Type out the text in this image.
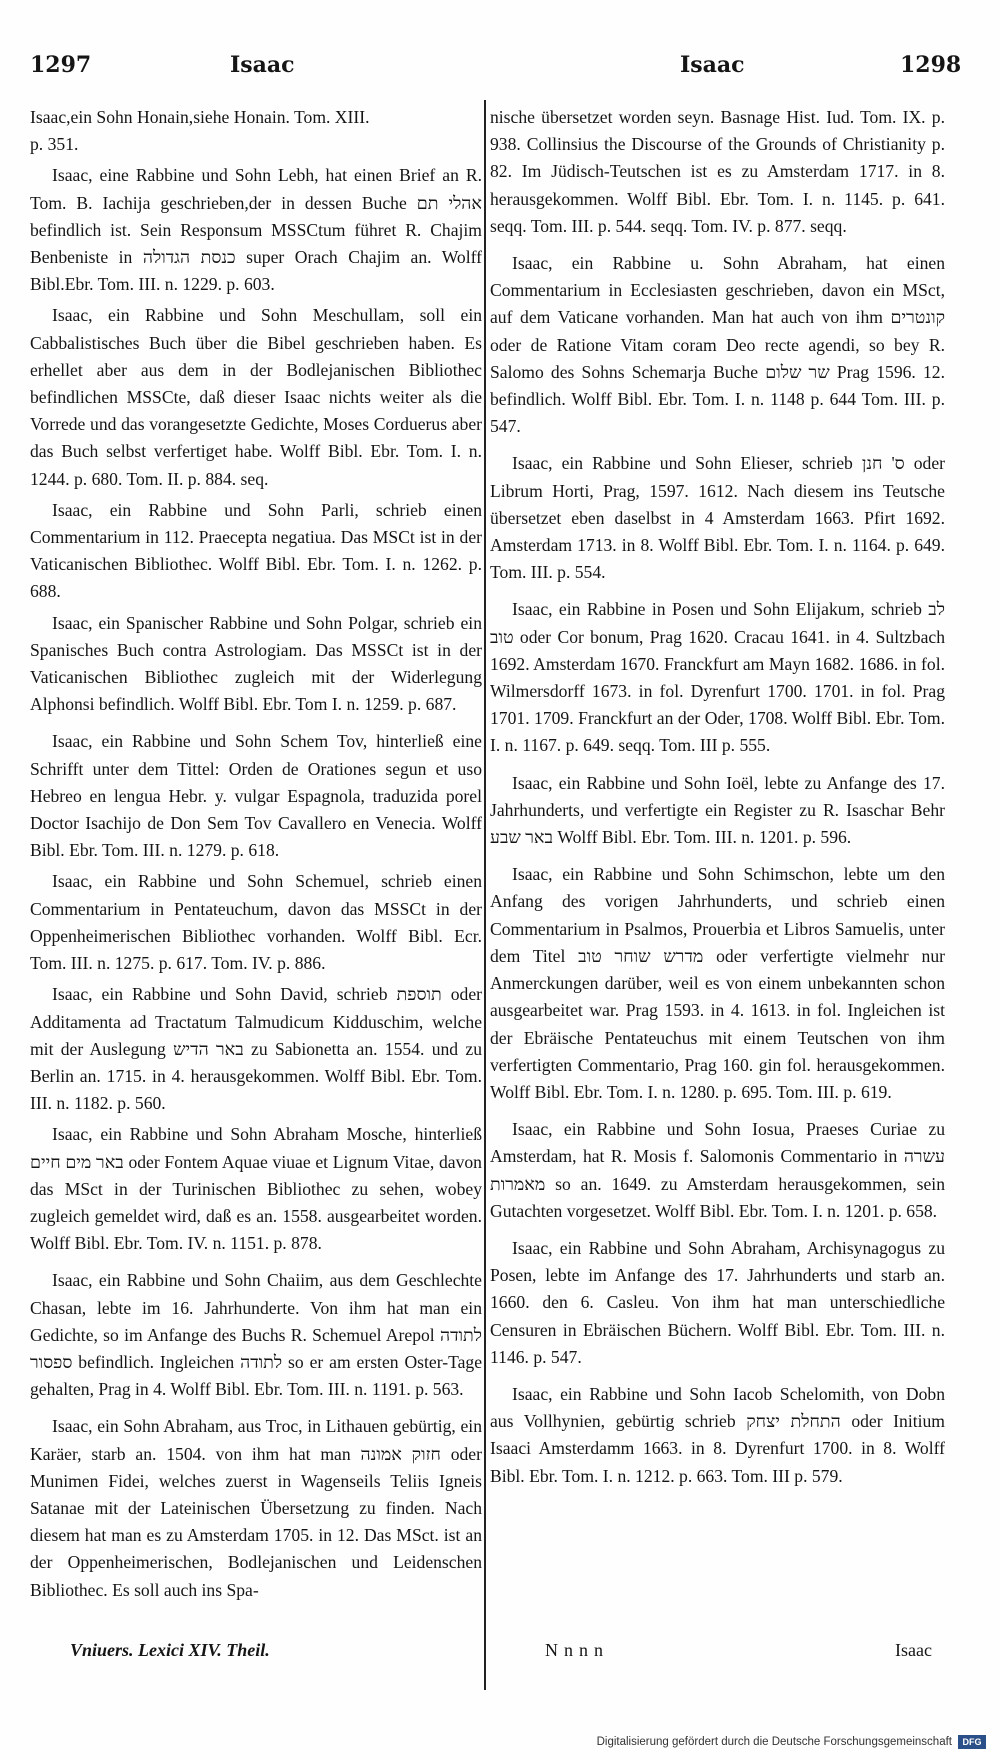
1297	Isaac	Isaac	1298

Isaac,ein Sohn Honain,siehe Honain. Tom. XIII.
p. 351.

Isaac, eine Rabbine und Sohn Lebh, hat einen Brief an R. Tom. B. Iachija geschrieben,der in dessen Buche אהלי תם befindlich ist. Sein Responsum MSSCtum führet R. Chajim Benbeniste in כנסת הגדולה super Orach Chajim an. Wolff Bibl.Ebr. Tom. III. n. 1229. p. 603.

Isaac, ein Rabbine und Sohn Meschullam, soll ein Cabbalistisches Buch über die Bibel geschrieben haben. Es erhellet aber aus dem in der Bodlejanischen Bibliothec befindlichen MSSCte, daß dieser Isaac nichts weiter als die Vorrede und das vorangesetzte Gedichte, Moses Corduerus aber das Buch selbst verfertiget habe. Wolff Bibl. Ebr. Tom. I. n. 1244. p. 680. Tom. II. p. 884. seq.

Isaac, ein Rabbine und Sohn Parli, schrieb einen Commentarium in 112. Praecepta negatiua. Das MSCt ist in der Vaticanischen Bibliothec. Wolff Bibl. Ebr. Tom. I. n. 1262. p. 688.

Isaac, ein Spanischer Rabbine und Sohn Polgar, schrieb ein Spanisches Buch contra Astrologiam. Das MSSCt ist in der Vaticanischen Bibliothec zugleich mit der Widerlegung Alphonsi befindlich. Wolff Bibl. Ebr. Tom I. n. 1259. p. 687.

Isaac, ein Rabbine und Sohn Schem Tov, hinterließ eine Schrifft unter dem Tittel: Orden de Orationes segun et uso Hebreo en lengua Hebr. y. vulgar Espagnola, traduzida porel Doctor Isachijo de Don Sem Tov Cavallero en Venecia. Wolff Bibl. Ebr. Tom. III. n. 1279. p. 618.

Isaac, ein Rabbine und Sohn Schemuel, schrieb einen Commentarium in Pentateuchum, davon das MSSCt in der Oppenheimerischen Bibliothec vorhanden. Wolff Bibl. Ecr. Tom. III. n. 1275. p. 617. Tom. IV. p. 886.

Isaac, ein Rabbine und Sohn David, schrieb תוספת oder Additamenta ad Tractatum Talmudicum Kidduschim, welche mit der Auslegung באר הדיש zu Sabionetta an. 1554. und zu Berlin an. 1715. in 4. herausgekommen. Wolff Bibl. Ebr. Tom. III. n. 1182. p. 560.

Isaac, ein Rabbine und Sohn Abraham Mosche, hinterließ באר מים חיים oder Fontem Aquae viuae et Lignum Vitae, davon das MSct in der Turinischen Bibliothec zu sehen, wobey zugleich gemeldet wird, daß es an. 1558. ausgearbeitet worden. Wolff Bibl. Ebr. Tom. IV. n. 1151. p. 878.

Isaac, ein Rabbine und Sohn Chaiim, aus dem Geschlechte Chasan, lebte im 16. Jahrhunderte. Von ihm hat man ein Gedichte, so im Anfange des Buchs R. Schemuel Arepol לתודה ספסור befindlich. Ingleichen לתודה so er am ersten Oster-Tage gehalten, Prag in 4. Wolff Bibl. Ebr. Tom. III. n. 1191. p. 563.

Isaac, ein Sohn Abraham, aus Troc, in Lithauen gebürtig, ein Karäer, starb an. 1504. von ihm hat man חזוק אמונה oder Munimen Fidei, welches zuerst in Wagenseils Teliis Igneis Satanae mit der Lateinischen Übersetzung zu finden. Nach diesem hat man es zu Amsterdam 1705. in 12. Das MSct. ist an der Oppenheimerischen, Bodlejanischen und Leidenschen Bibliothec. Es soll auch ins Spa-

nische übersetzet worden seyn. Basnage Hist. Iud. Tom. IX. p. 938. Collinsius the Discourse of the Grounds of Christianity p. 82. Im Jüdisch-Teutschen ist es zu Amsterdam 1717. in 8. herausgekommen. Wolff Bibl. Ebr. Tom. I. n. 1145. p. 641. seqq. Tom. III. p. 544. seqq. Tom. IV. p. 877. seqq.

Isaac, ein Rabbine u. Sohn Abraham, hat einen Commentarium in Ecclesiasten geschrieben, davon ein MSct, auf dem Vaticane vorhanden. Man hat auch von ihm קונטרים oder de Ratione Vitam coram Deo recte agendi, so bey R. Salomo des Sohns Schemarja Buche שר שלום Prag 1596. 12. befindlich. Wolff Bibl. Ebr. Tom. I. n. 1148 p. 644 Tom. III. p. 547.

Isaac, ein Rabbine und Sohn Elieser, schrieb ס' חנן oder Librum Horti, Prag, 1597. 1612. Nach diesem ins Teutsche übersetzet eben daselbst in 4 Amsterdam 1663. Pfirt 1692. Amsterdam 1713. in 8. Wolff Bibl. Ebr. Tom. I. n. 1164. p. 649. Tom. III. p. 554.

Isaac, ein Rabbine in Posen und Sohn Elijakum, schrieb לב טוב oder Cor bonum, Prag 1620. Cracau 1641. in 4. Sultzbach 1692. Amsterdam 1670. Franckfurt am Mayn 1682. 1686. in fol. Wilmersdorff 1673. in fol. Dyrenfurt 1700. 1701. in fol. Prag 1701. 1709. Franckfurt an der Oder, 1708. Wolff Bibl. Ebr. Tom. I. n. 1167. p. 649. seqq. Tom. III p. 555.

Isaac, ein Rabbine und Sohn Ioël, lebte zu Anfange des 17. Jahrhunderts, und verfertigte ein Register zu R. Isaschar Behr באר שבע Wolff Bibl. Ebr. Tom. III. n. 1201. p. 596.

Isaac, ein Rabbine und Sohn Schimschon, lebte um den Anfang des vorigen Jahrhunderts, und schrieb einen Commentarium in Psalmos, Prouerbia et Libros Samuelis, unter dem Titel מדרש שוחר טוב oder verfertigte vielmehr nur Anmerckungen darüber, weil es von einem unbekannten schon ausgearbeitet war. Prag 1593. in 4. 1613. in fol. Ingleichen ist der Ebräische Pentateuchus mit einem Teutschen von ihm verfertigten Commentario, Prag 160. gin fol. herausgekommen. Wolff Bibl. Ebr. Tom. I. n. 1280. p. 695. Tom. III. p. 619.

Isaac, ein Rabbine und Sohn Iosua, Praeses Curiae zu Amsterdam, hat R. Mosis f. Salomonis Commentario in עשרה מאמרות so an. 1649. zu Amsterdam herausgekommen, sein Gutachten vorgesetzet. Wolff Bibl. Ebr. Tom. I. n. 1201. p. 658.

Isaac, ein Rabbine und Sohn Abraham, Archisynagogus zu Posen, lebte im Anfange des 17. Jahrhunderts und starb an. 1660. den 6. Casleu. Von ihm hat man unterschiedliche Censuren in Ebräischen Büchern. Wolff Bibl. Ebr. Tom. III. n. 1146. p. 547.

Isaac, ein Rabbine und Sohn Iacob Schelomith, von Dobn aus Vollhynien, gebürtig schrieb התחלת יצחק oder Initium Isaaci Amsterdamm 1663. in 8. Dyrenfurt 1700. in 8. Wolff Bibl. Ebr. Tom. I. n. 1212. p. 663. Tom. III p. 579.

Vniuers. Lexici XIV. Theil.	Nnnn	Isaac
Digitalisierung gefördert durch die Deutsche Forschungsgemeinschaft	DFG
